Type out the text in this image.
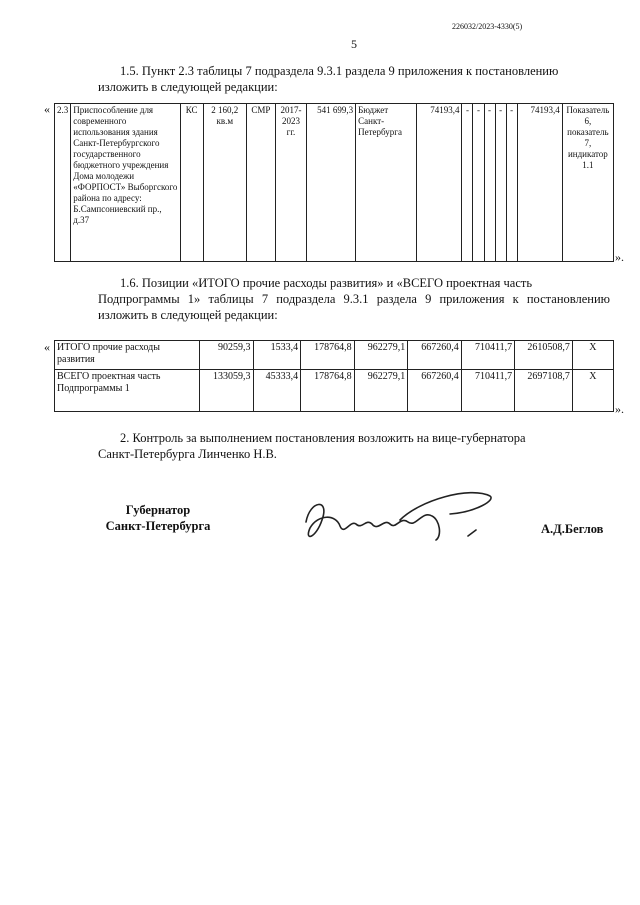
226032/2023-4330(5)
5
1.5. Пункт 2.3 таблицы 7 подраздела 9.3.1 раздела 9 приложения к постановлению
изложить в следующей редакции:
« 2.3	Приспособление для современного использования здания Санкт-Петербургского государственного бюджетного учреждения Дома молодежи «ФОРПОСТ» Выборгского района по адресу: Б.Сампсониевский пр., д.37	КС	2 160,2 кв.м	СМР	2017-2023 гг.	541 699,3	Бюджет Санкт-Петербурга	74193,4	-	-	-	-	-	74193,4	Показатель 6, показатель 7, индикатор 1.1
».
1.6. Позиции «ИТОГО прочие расходы развития» и «ВСЕГО проектная часть
Подпрограммы 1» таблицы 7 подраздела 9.3.1 раздела 9 приложения к постановлению изложить в следующей редакции:
« ИТОГО прочие расходы развития	90259,3	1533,4	178764,8	962279,1	667260,4	710411,7	2610508,7	Х
ВСЕГО проектная часть Подпрограммы 1	133059,3	45333,4	178764,8	962279,1	667260,4	710411,7	2697108,7	Х
».
2. Контроль за выполнением постановления возложить на вице-губернатора
Санкт-Петербурга Линченко Н.В.
Губернатор
Санкт-Петербурга	А.Д.Беглов
